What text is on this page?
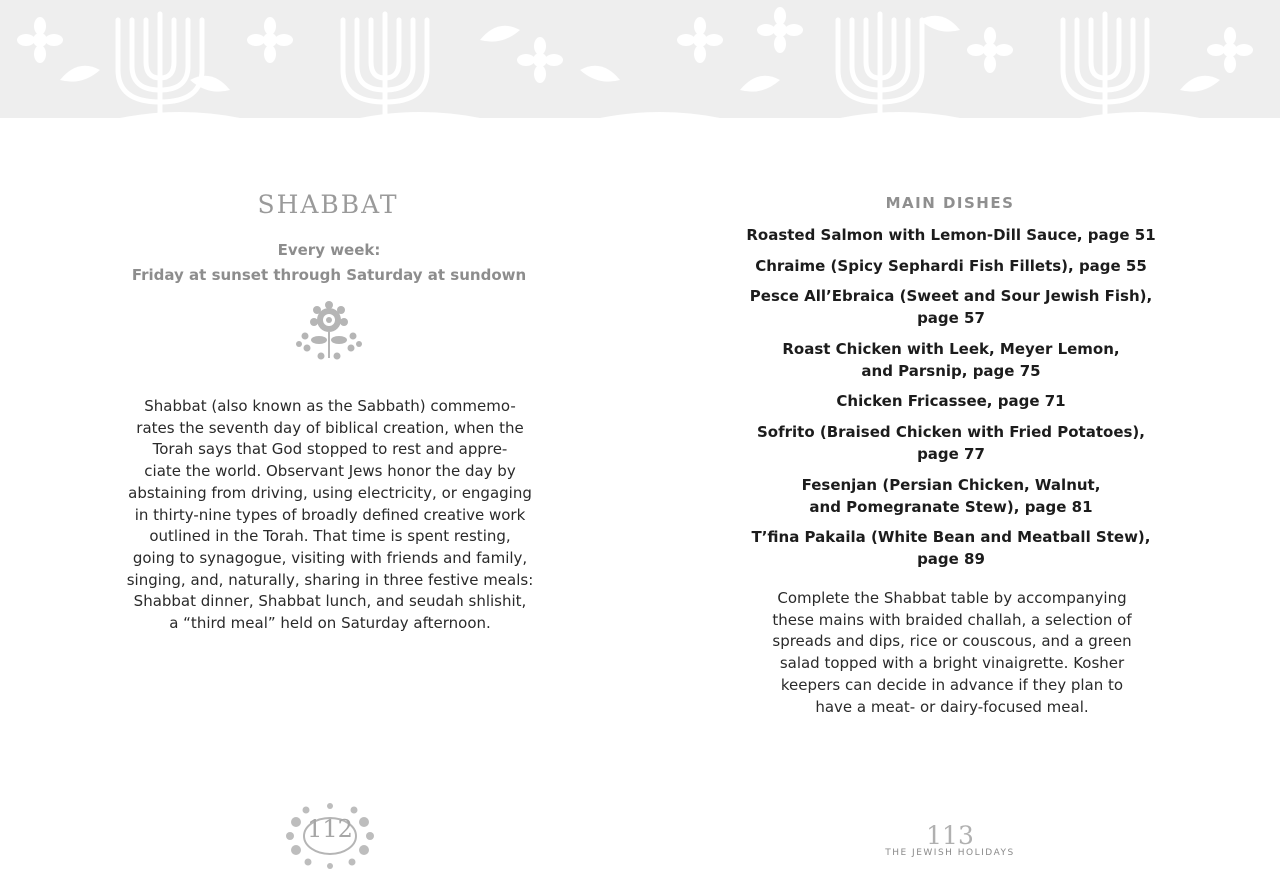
SHABBAT
Every week:
Friday at sunset through Saturday at sundown

Shabbat (also known as the Sabbath) commemo-
rates the seventh day of biblical creation, when the
Torah says that God stopped to rest and appre-
ciate the world. Observant Jews honor the day by
abstaining from driving, using electricity, or engaging
in thirty-nine types of broadly defined creative work
outlined in the Torah. That time is spent resting,
going to synagogue, visiting with friends and family,
singing, and, naturally, sharing in three festive meals:
Shabbat dinner, Shabbat lunch, and seudah shlishit,
a “third meal” held on Saturday afternoon.

112
MAIN DISHES
Roasted Salmon with Lemon-Dill Sauce, page 51
Chraime (Spicy Sephardi Fish Fillets), page 55
Pesce All’Ebraica (Sweet and Sour Jewish Fish),
page 57
Roast Chicken with Leek, Meyer Lemon,
and Parsnip, page 75
Chicken Fricassee, page 71
Sofrito (Braised Chicken with Fried Potatoes),
page 77
Fesenjan (Persian Chicken, Walnut,
and Pomegranate Stew), page 81
T’fina Pakaila (White Bean and Meatball Stew),
page 89

Complete the Shabbat table by accompanying
these mains with braided challah, a selection of
spreads and dips, rice or couscous, and a green
salad topped with a bright vinaigrette. Kosher
keepers can decide in advance if they plan to
have a meat- or dairy-focused meal.

113
THE JEWISH HOLIDAYS
